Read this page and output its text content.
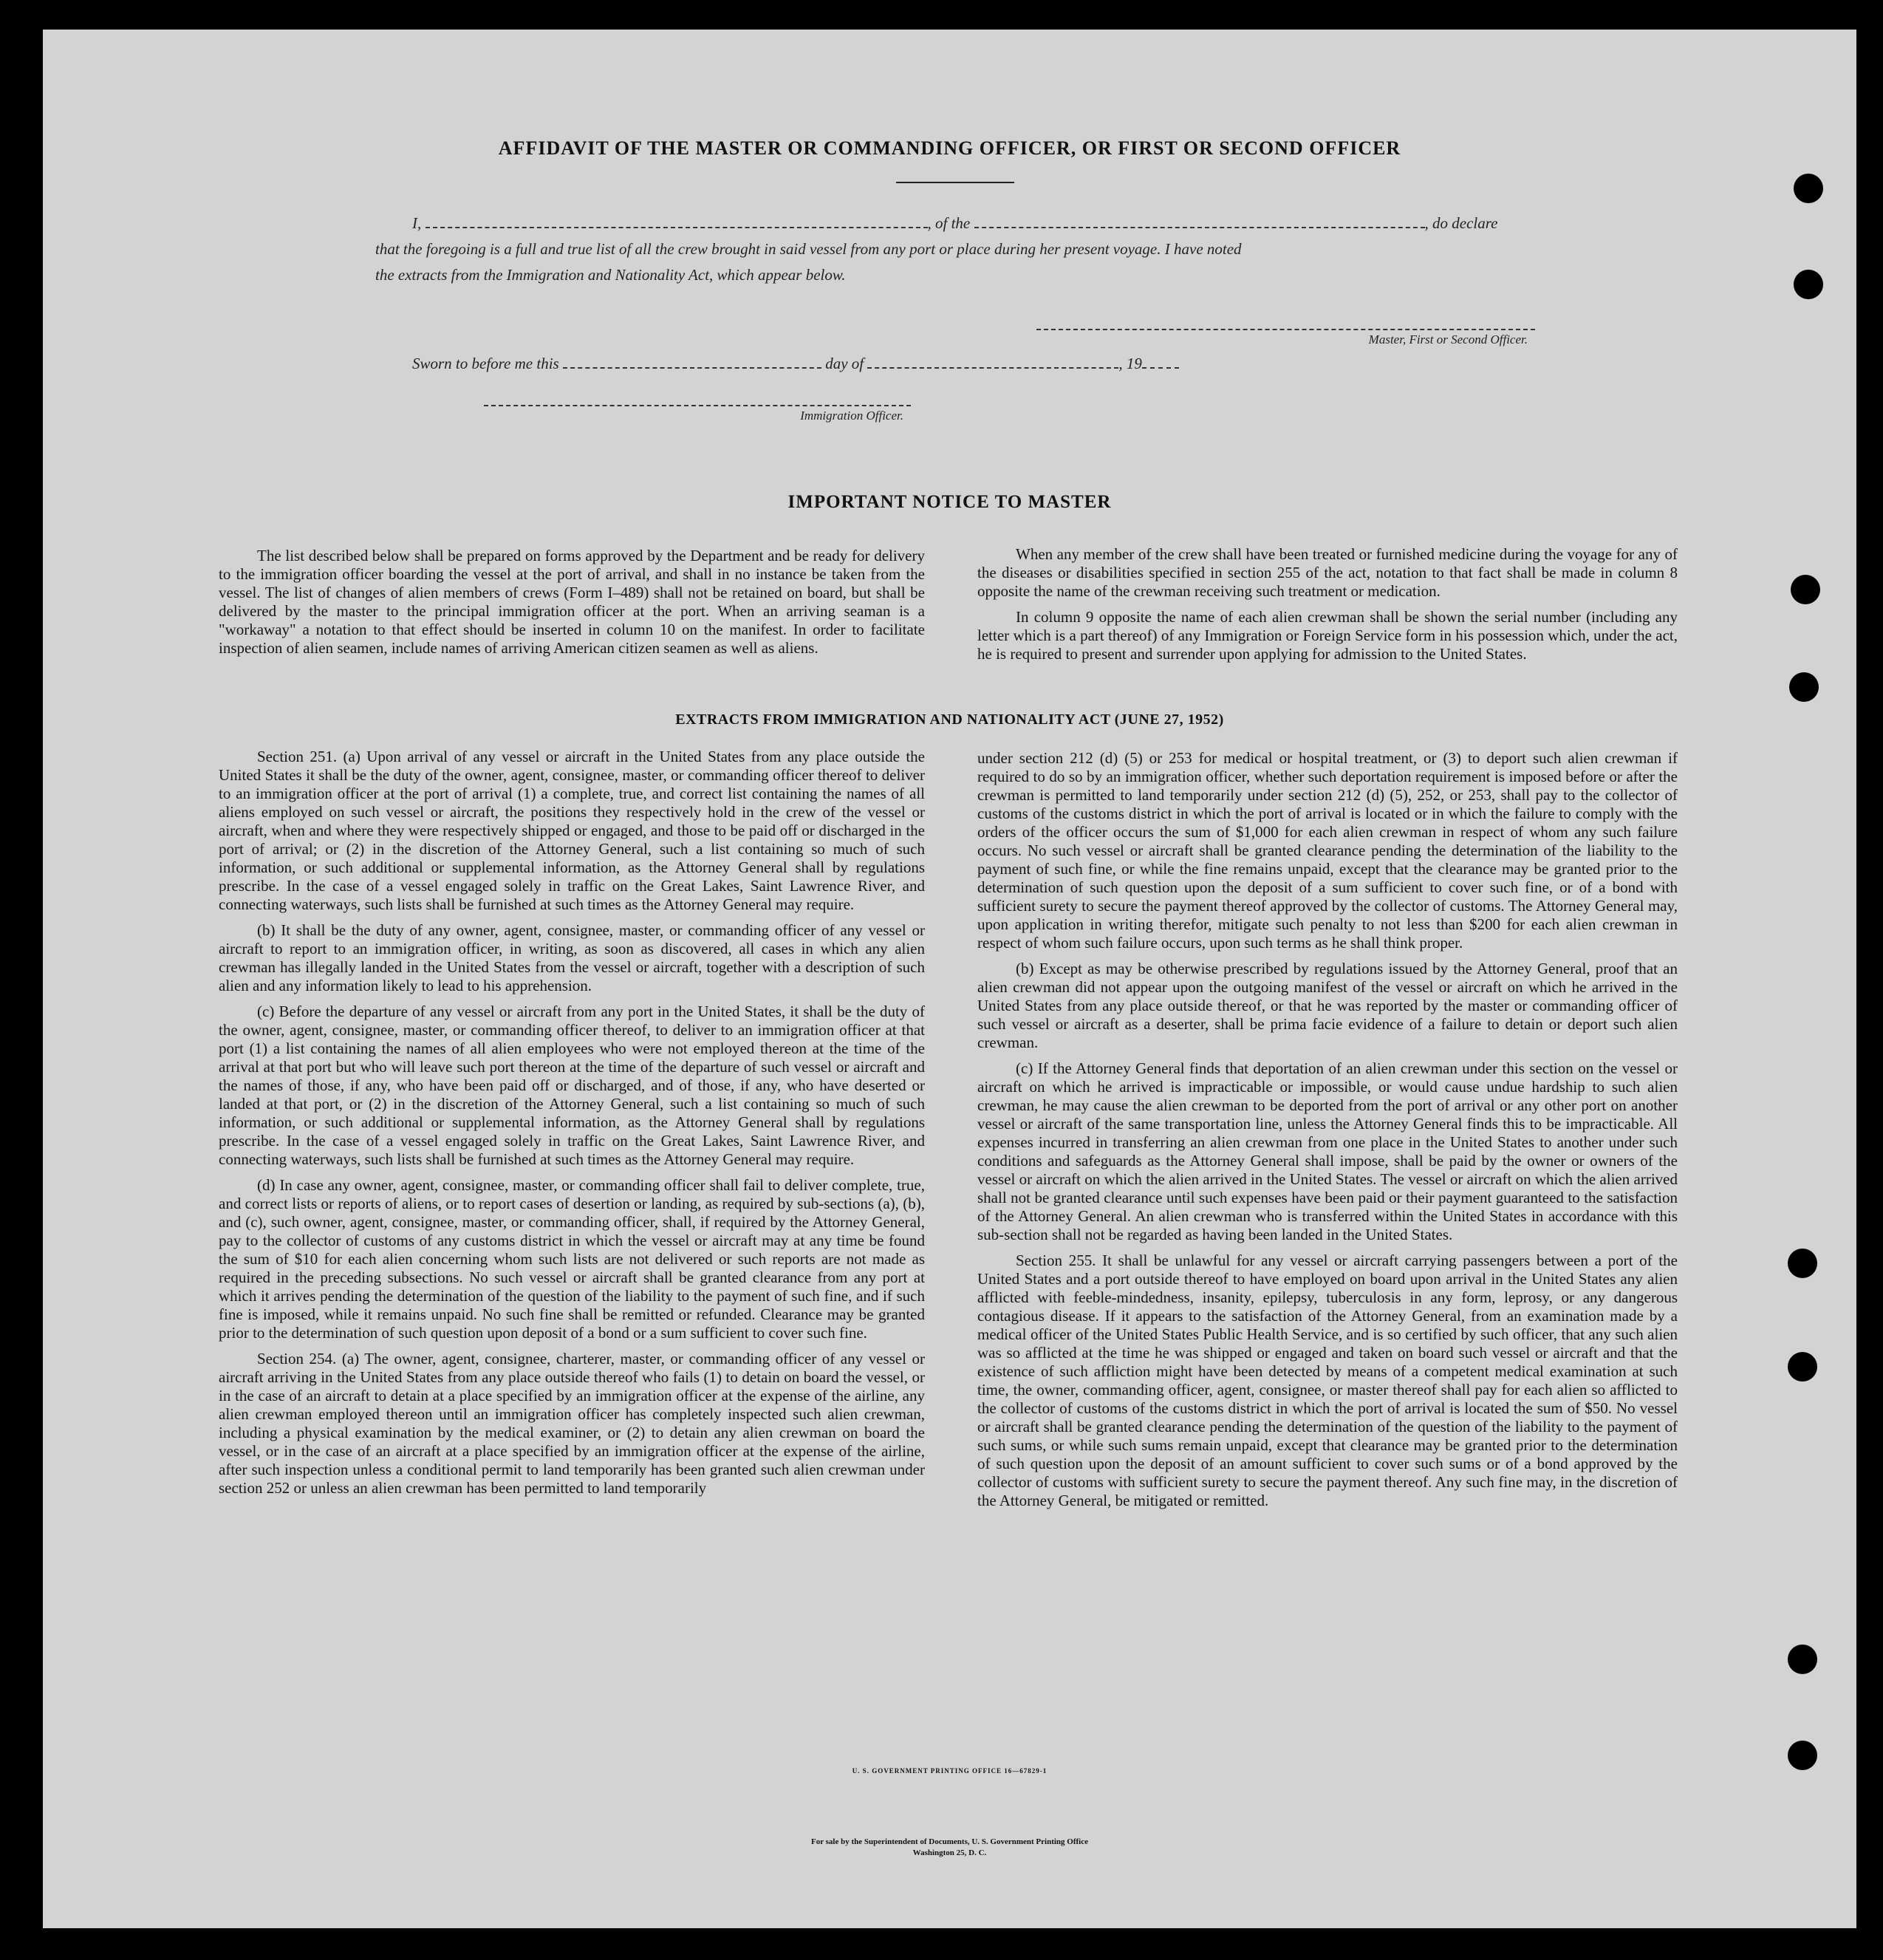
AFFIDAVIT OF THE MASTER OR COMMANDING OFFICER, OR FIRST OR SECOND OFFICER
I,	, of the	, do declare
that the foregoing is a full and true list of all the crew brought in said vessel from any port or place during her present voyage. I have noted
the extracts from the Immigration and Nationality Act, which appear below.
Master, First or Second Officer.
Sworn to before me this	day of	, 19
Immigration Officer.
IMPORTANT NOTICE TO MASTER

The list described below shall be prepared on forms approved by the Department and be ready for delivery to the immigration officer boarding the vessel at the port of arrival, and shall in no instance be taken from the vessel. The list of changes of alien members of crews (Form I–489) shall not be retained on board, but shall be delivered by the master to the principal immigration officer at the port. When an arriving seaman is a "workaway" a notation to that effect should be inserted in column 10 on the manifest. In order to facilitate inspection of alien seamen, include names of arriving American citizen seamen as well as aliens.

When any member of the crew shall have been treated or furnished medicine during the voyage for any of the diseases or disabilities specified in section 255 of the act, notation to that fact shall be made in column 8 opposite the name of the crewman receiving such treatment or medication.

In column 9 opposite the name of each alien crewman shall be shown the serial number (including any letter which is a part thereof) of any Immigration or Foreign Service form in his possession which, under the act, he is required to present and surrender upon applying for admission to the United States.

EXTRACTS FROM IMMIGRATION AND NATIONALITY ACT (JUNE 27, 1952)

Section 251. (a) Upon arrival of any vessel or aircraft in the United States from any place outside the United States it shall be the duty of the owner, agent, consignee, master, or commanding officer thereof to deliver to an immigration officer at the port of arrival (1) a complete, true, and correct list containing the names of all aliens employed on such vessel or aircraft, the positions they respectively hold in the crew of the vessel or aircraft, when and where they were respectively shipped or engaged, and those to be paid off or discharged in the port of arrival; or (2) in the discretion of the Attorney General, such a list containing so much of such information, or such additional or supplemental information, as the Attorney General shall by regulations prescribe. In the case of a vessel engaged solely in traffic on the Great Lakes, Saint Lawrence River, and connecting waterways, such lists shall be furnished at such times as the Attorney General may require.

(b) It shall be the duty of any owner, agent, consignee, master, or commanding officer of any vessel or aircraft to report to an immigration officer, in writing, as soon as discovered, all cases in which any alien crewman has illegally landed in the United States from the vessel or aircraft, together with a description of such alien and any information likely to lead to his apprehension.

(c) Before the departure of any vessel or aircraft from any port in the United States, it shall be the duty of the owner, agent, consignee, master, or commanding officer thereof, to deliver to an immigration officer at that port (1) a list containing the names of all alien employees who were not employed thereon at the time of the arrival at that port but who will leave such port thereon at the time of the departure of such vessel or aircraft and the names of those, if any, who have been paid off or discharged, and of those, if any, who have deserted or landed at that port, or (2) in the discretion of the Attorney General, such a list containing so much of such information, or such additional or supplemental information, as the Attorney General shall by regulations prescribe. In the case of a vessel engaged solely in traffic on the Great Lakes, Saint Lawrence River, and connecting waterways, such lists shall be furnished at such times as the Attorney General may require.

(d) In case any owner, agent, consignee, master, or commanding officer shall fail to deliver complete, true, and correct lists or reports of aliens, or to report cases of desertion or landing, as required by sub-sections (a), (b), and (c), such owner, agent, consignee, master, or commanding officer, shall, if required by the Attorney General, pay to the collector of customs of any customs district in which the vessel or aircraft may at any time be found the sum of $10 for each alien concerning whom such lists are not delivered or such reports are not made as required in the preceding subsections. No such vessel or aircraft shall be granted clearance from any port at which it arrives pending the determination of the question of the liability to the payment of such fine, and if such fine is imposed, while it remains unpaid. No such fine shall be remitted or refunded. Clearance may be granted prior to the determination of such question upon deposit of a bond or a sum sufficient to cover such fine.

Section 254. (a) The owner, agent, consignee, charterer, master, or commanding officer of any vessel or aircraft arriving in the United States from any place outside thereof who fails (1) to detain on board the vessel, or in the case of an aircraft to detain at a place specified by an immigration officer at the expense of the airline, any alien crewman employed thereon until an immigration officer has completely inspected such alien crewman, including a physical examination by the medical examiner, or (2) to detain any alien crewman on board the vessel, or in the case of an aircraft at a place specified by an immigration officer at the expense of the airline, after such inspection unless a conditional permit to land temporarily has been granted such alien crewman under section 252 or unless an alien crewman has been permitted to land temporarily

under section 212 (d) (5) or 253 for medical or hospital treatment, or (3) to deport such alien crewman if required to do so by an immigration officer, whether such deportation requirement is imposed before or after the crewman is permitted to land temporarily under section 212 (d) (5), 252, or 253, shall pay to the collector of customs of the customs district in which the port of arrival is located or in which the failure to comply with the orders of the officer occurs the sum of $1,000 for each alien crewman in respect of whom any such failure occurs. No such vessel or aircraft shall be granted clearance pending the determination of the liability to the payment of such fine, or while the fine remains unpaid, except that the clearance may be granted prior to the determination of such question upon the deposit of a sum sufficient to cover such fine, or of a bond with sufficient surety to secure the payment thereof approved by the collector of customs. The Attorney General may, upon application in writing therefor, mitigate such penalty to not less than $200 for each alien crewman in respect of whom such failure occurs, upon such terms as he shall think proper.

(b) Except as may be otherwise prescribed by regulations issued by the Attorney General, proof that an alien crewman did not appear upon the outgoing manifest of the vessel or aircraft on which he arrived in the United States from any place outside thereof, or that he was reported by the master or commanding officer of such vessel or aircraft as a deserter, shall be prima facie evidence of a failure to detain or deport such alien crewman.

(c) If the Attorney General finds that deportation of an alien crewman under this section on the vessel or aircraft on which he arrived is impracticable or impossible, or would cause undue hardship to such alien crewman, he may cause the alien crewman to be deported from the port of arrival or any other port on another vessel or aircraft of the same transportation line, unless the Attorney General finds this to be impracticable. All expenses incurred in transferring an alien crewman from one place in the United States to another under such conditions and safeguards as the Attorney General shall impose, shall be paid by the owner or owners of the vessel or aircraft on which the alien arrived in the United States. The vessel or aircraft on which the alien arrived shall not be granted clearance until such expenses have been paid or their payment guaranteed to the satisfaction of the Attorney General. An alien crewman who is transferred within the United States in accordance with this sub-section shall not be regarded as having been landed in the United States.

Section 255. It shall be unlawful for any vessel or aircraft carrying passengers between a port of the United States and a port outside thereof to have employed on board upon arrival in the United States any alien afflicted with feeble-mindedness, insanity, epilepsy, tuberculosis in any form, leprosy, or any dangerous contagious disease. If it appears to the satisfaction of the Attorney General, from an examination made by a medical officer of the United States Public Health Service, and is so certified by such officer, that any such alien was so afflicted at the time he was shipped or engaged and taken on board such vessel or aircraft and that the existence of such affliction might have been detected by means of a competent medical examination at such time, the owner, commanding officer, agent, consignee, or master thereof shall pay for each alien so afflicted to the collector of customs of the customs district in which the port of arrival is located the sum of $50. No vessel or aircraft shall be granted clearance pending the determination of the question of the liability to the payment of such sums, or while such sums remain unpaid, except that clearance may be granted prior to the determination of such question upon the deposit of an amount sufficient to cover such sums or of a bond approved by the collector of customs with sufficient surety to secure the payment thereof. Any such fine may, in the discretion of the Attorney General, be mitigated or remitted.

U. S. GOVERNMENT PRINTING OFFICE 16—67829-1
For sale by the Superintendent of Documents, U. S. Government Printing Office
Washington 25, D. C.
